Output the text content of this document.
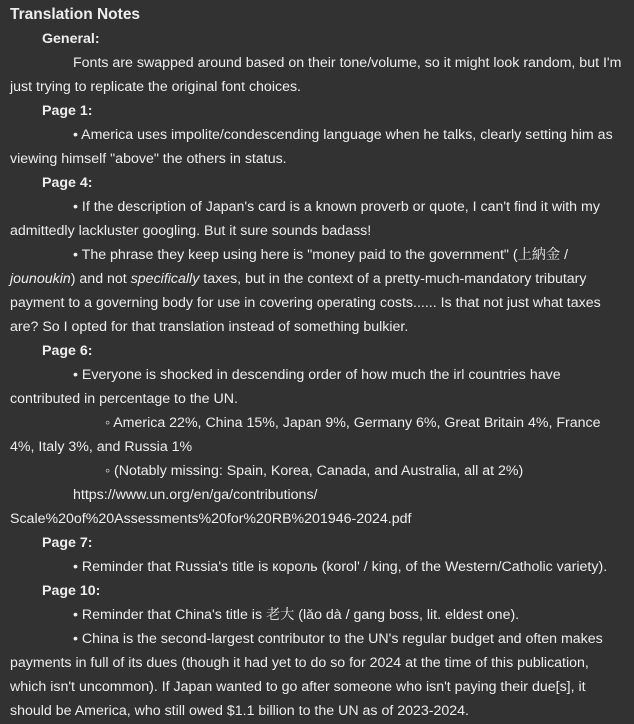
Translation Notes
General:

Fonts are swapped around based on their tone/volume, so it might look random, but I'm just trying to replicate the original font choices.

Page 1:

• America uses impolite/condescending language when he talks, clearly setting him as viewing himself "above" the others in status.

Page 4:

• If the description of Japan's card is a known proverb or quote, I can't find it with my admittedly lackluster googling. But it sure sounds badass!

• The phrase they keep using here is "money paid to the government" (上納金 / jounoukin) and not specifically taxes, but in the context of a pretty-much-mandatory tributary payment to a governing body for use in covering operating costs...... Is that not just what taxes are? So I opted for that translation instead of something bulkier.

Page 6:

• Everyone is shocked in descending order of how much the irl countries have contributed in percentage to the UN.

◦ America 22%, China 15%, Japan 9%, Germany 6%, Great Britain 4%, France 4%, Italy 3%, and Russia 1%

◦ (Notably missing: Spain, Korea, Canada, and Australia, all at 2%)

https://www.un.org/en/ga/contributions/ Scale%20of%20Assessments%20for%20RB%201946-2024.pdf

Page 7:

• Reminder that Russia's title is король (korol' / king, of the Western/Catholic variety).

Page 10:

• Reminder that China's title is 老大 (lǎo dà / gang boss, lit. eldest one).

• China is the second-largest contributor to the UN's regular budget and often makes payments in full of its dues (though it had yet to do so for 2024 at the time of this publication, which isn't uncommon). If Japan wanted to go after someone who isn't paying their due[s], it should be America, who still owed $1.1 billion to the UN as of 2023-2024.
